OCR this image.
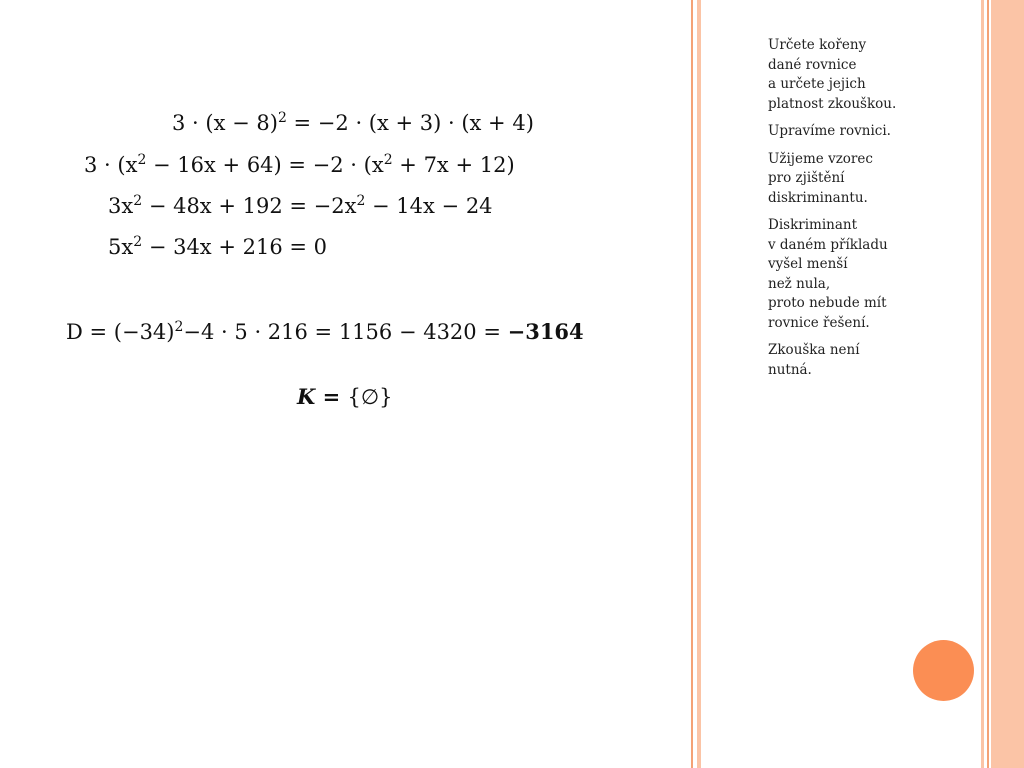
$3 \cdot (x - 8)^2 = -2 \cdot (x + 3) \cdot (x + 4)$
$3 \cdot (x^2 - 16x + 64) = -2 \cdot (x^2 + 7x + 12)$
$3x^2 - 48x + 192 = -2x^2 - 14x - 24$
$5x^2 - 34x + 216 = 0$
$D = (-34)^2-4 \cdot 5 \cdot 216 = 1156 - 4320 = -3164$
K = {∅}
Určete kořeny
dané rovnice
a určete jejich
platnost zkouškou.
Upravíme rovnici.
Užijeme vzorec
pro zjištění
diskriminantu.
Diskriminant
v daném příkladu
vyšel menší
než nula,
proto nebude mít
rovnice řešení.
Zkouška není
nutná.
